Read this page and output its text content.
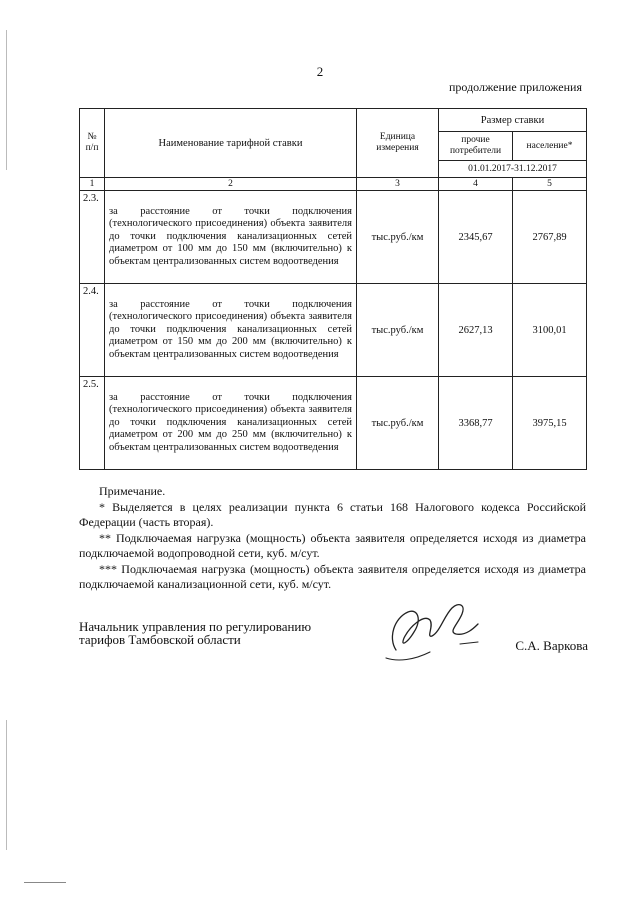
2
продолжение приложения
№ п/п	Наименование тарифной ставки	Единица измерения	Размер ставки	
			прочие потребители	население*
			01.01.2017-31.12.2017	
1	2	3	4	5
2.3.	за расстояние от точки подключения (технологического присоединения) объекта заявителя до точки подключения канализационных сетей диаметром от 100 мм до 150 мм (включительно) к объектам централизованных систем водоотведения	тыс.руб./км	2345,67	2767,89
2.4.	за расстояние от точки подключения (технологического присоединения) объекта заявителя до точки подключения канализационных сетей диаметром от 150 мм до 200 мм (включительно) к объектам централизованных систем водоотведения	тыс.руб./км	2627,13	3100,01
2.5.	за расстояние от точки подключения (технологического присоединения) объекта заявителя до точки подключения канализационных сетей диаметром от 200 мм до 250 мм (включительно) к объектам централизованных систем водоотведения	тыс.руб./км	3368,77	3975,15

Примечание.

* Выделяется в целях реализации пункта 6 статьи 168 Налогового кодекса Российской Федерации (часть вторая).

** Подключаемая нагрузка (мощность) объекта заявителя определяется исходя из диаметра подключаемой водопроводной сети, куб. м/сут.

*** Подключаемая нагрузка (мощность) объекта заявителя определяется исходя из диаметра подключаемой канализационной сети, куб. м/сут.

Начальник управления по регулированию
тарифов Тамбовской области	С.А. Варкова
